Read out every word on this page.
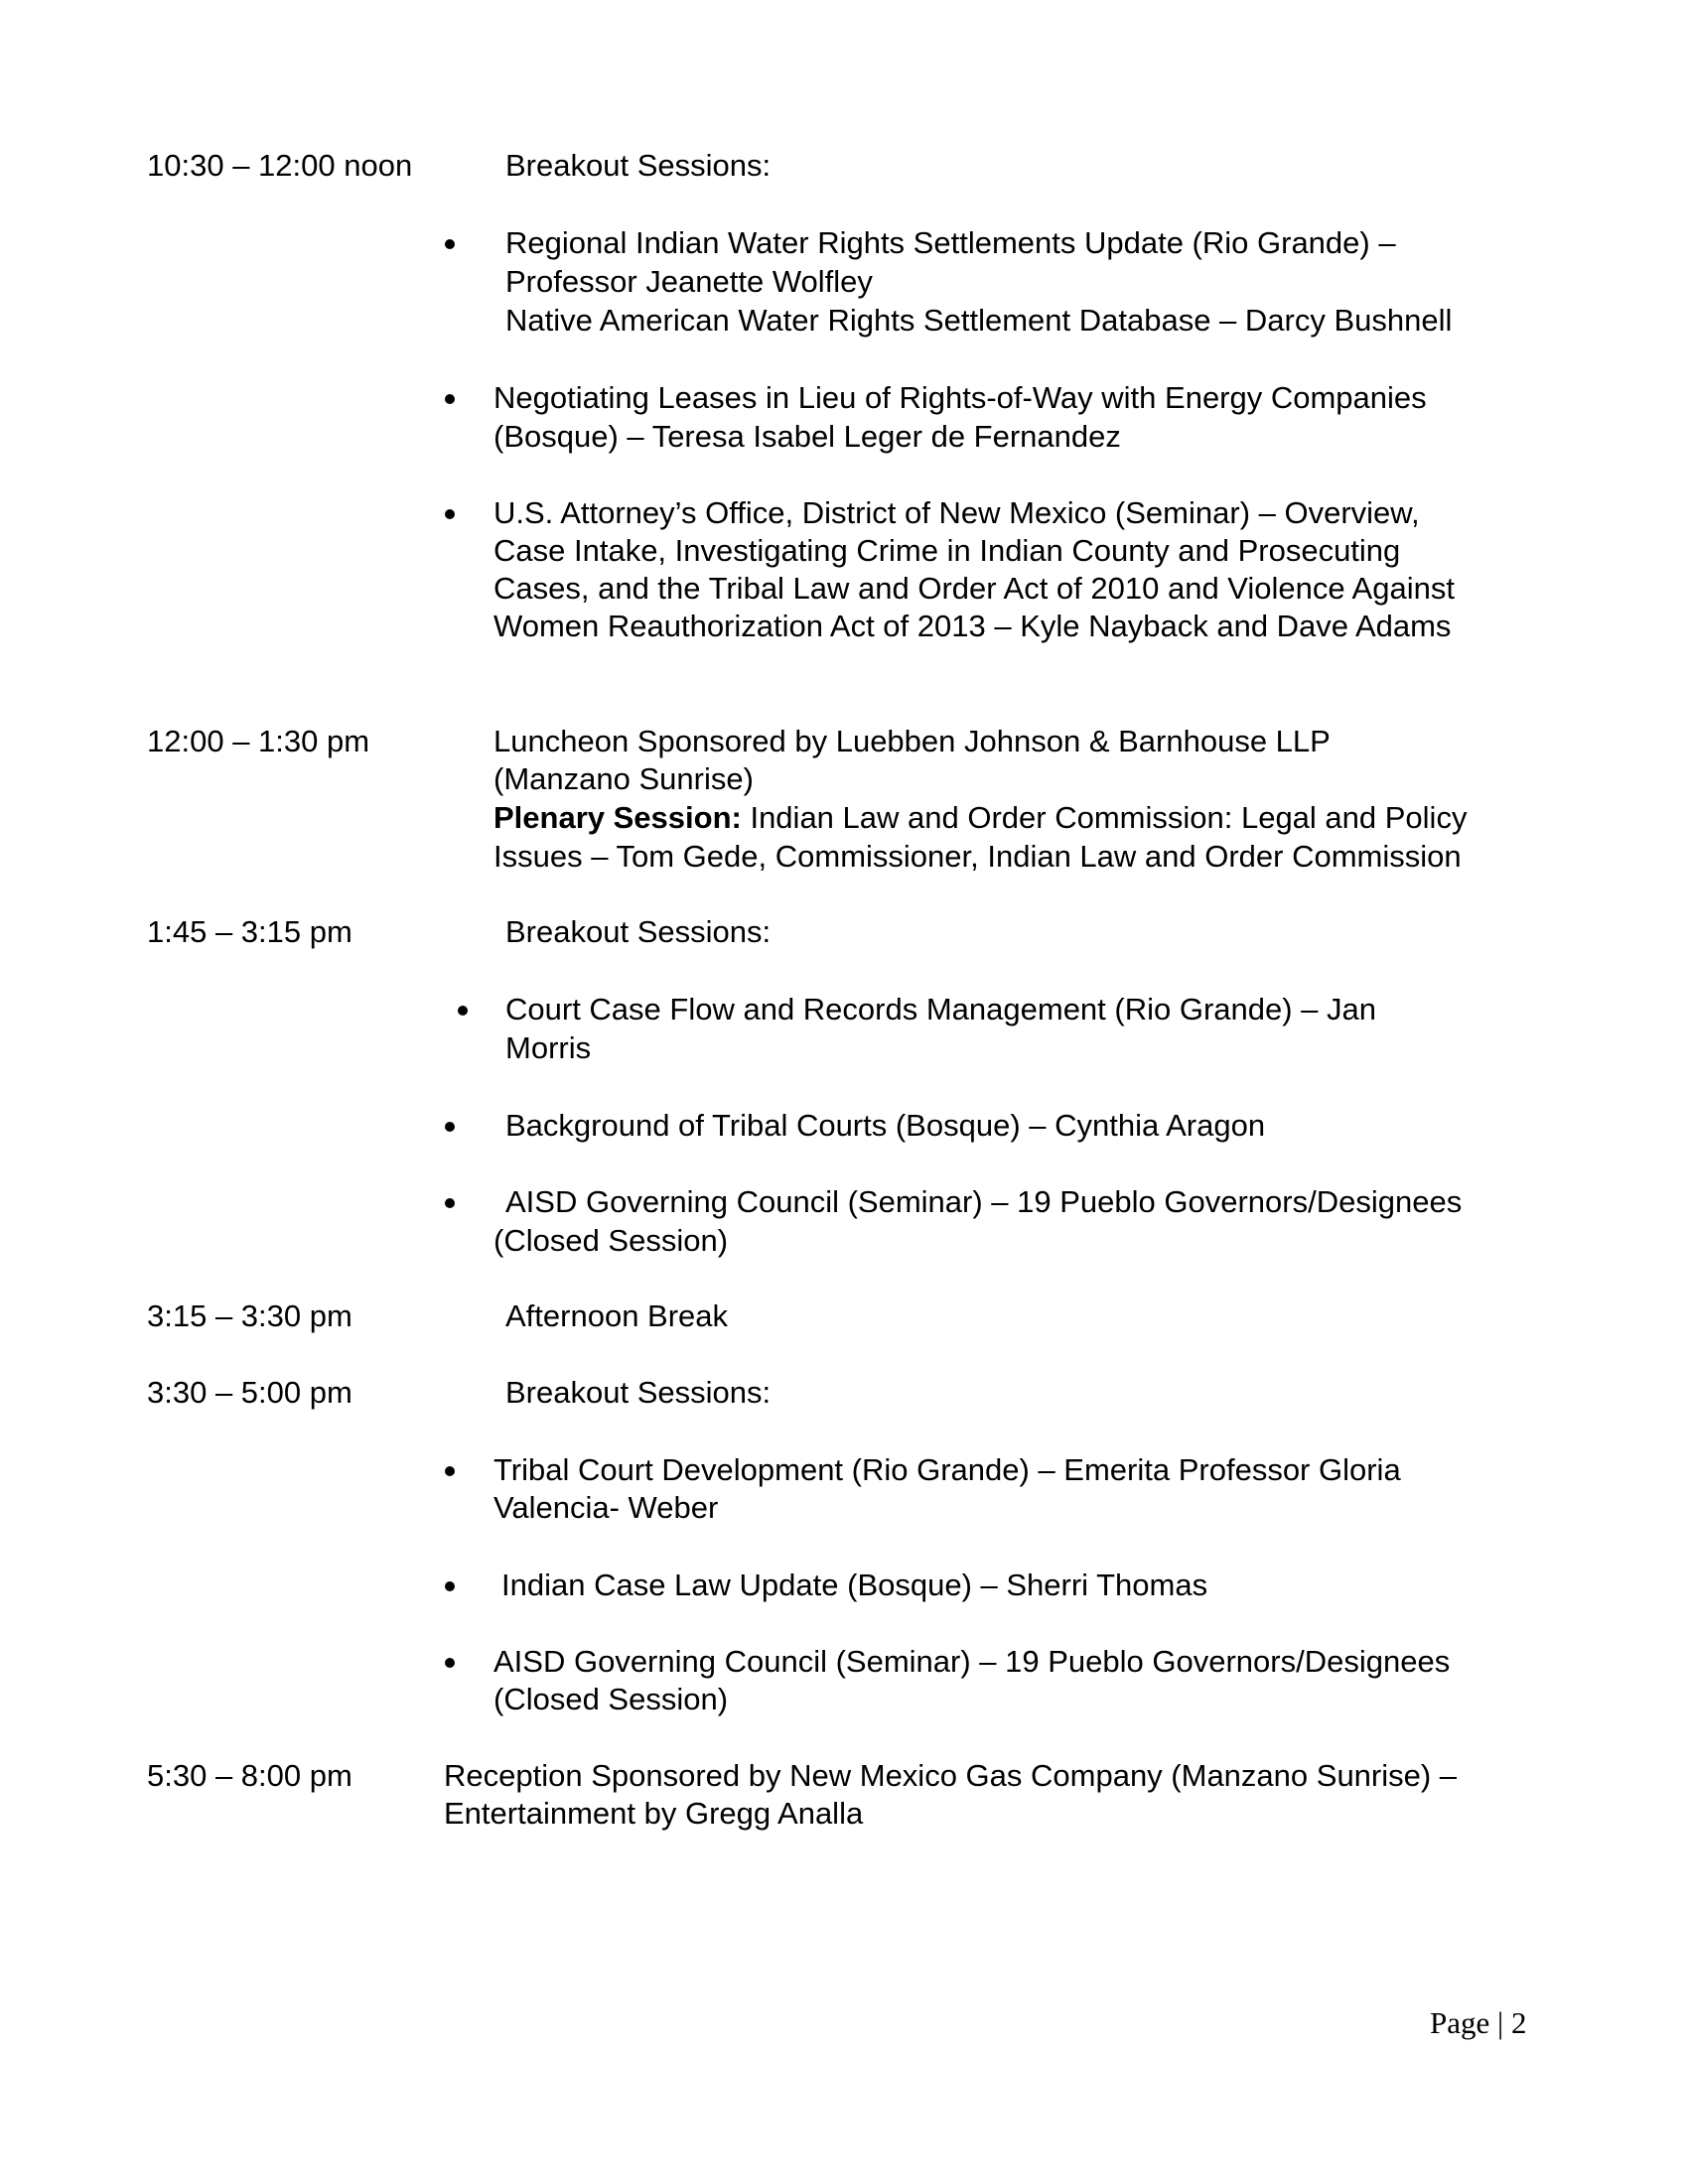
10:30 – 12:00 noon	Breakout Sessions:
Regional Indian Water Rights Settlements Update (Rio Grande) –
Professor Jeanette Wolfley
Native American Water Rights Settlement Database – Darcy Bushnell
Negotiating Leases in Lieu of Rights-of-Way with Energy Companies
(Bosque) – Teresa Isabel Leger de Fernandez
U.S. Attorney’s Office, District of New Mexico (Seminar) – Overview,
Case Intake, Investigating Crime in Indian County and Prosecuting
Cases, and the Tribal Law and Order Act of 2010 and Violence Against
Women Reauthorization Act of 2013 – Kyle Nayback and Dave Adams
12:00 – 1:30 pm	Luncheon Sponsored by Luebben Johnson & Barnhouse LLP
(Manzano Sunrise)
Plenary Session: Indian Law and Order Commission: Legal and Policy
Issues – Tom Gede, Commissioner, Indian Law and Order Commission
1:45 – 3:15 pm	Breakout Sessions:
Court Case Flow and Records Management (Rio Grande) – Jan
Morris
Background of Tribal Courts (Bosque) – Cynthia Aragon
AISD Governing Council (Seminar) – 19 Pueblo Governors/Designees
(Closed Session)
3:15 – 3:30 pm	Afternoon Break
3:30 – 5:00 pm	Breakout Sessions:
Tribal Court Development (Rio Grande) – Emerita Professor Gloria
Valencia- Weber
Indian Case Law Update (Bosque) – Sherri Thomas
AISD Governing Council (Seminar) – 19 Pueblo Governors/Designees
(Closed Session)
5:30 – 8:00 pm	Reception Sponsored by New Mexico Gas Company (Manzano Sunrise) –
Entertainment by Gregg Analla
Page | 2
